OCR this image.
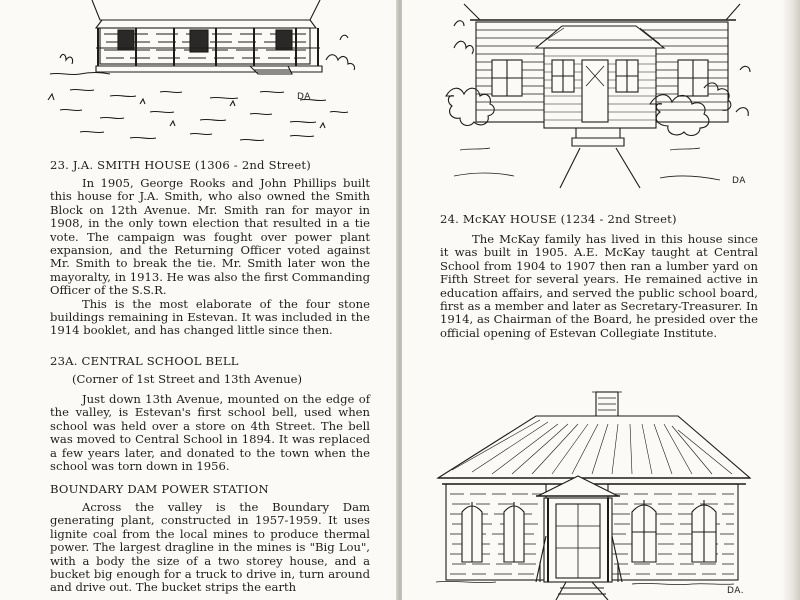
DA
23. J.A. SMITH HOUSE (1306 - 2nd Street)

In 1905, George Rooks and John Phillips built this house for J.A. Smith, who also owned the Smith Block on 12th Avenue. Mr. Smith ran for mayor in 1908, in the only town election that resulted in a tie vote. The campaign was fought over power plant expansion, and the Returning Officer voted against Mr. Smith to break the tie. Mr. Smith later won the mayoralty, in 1913. He was also the first Commanding Officer of the S.S.R.

This is the most elaborate of the four stone buildings remaining in Estevan. It was included in the 1914 booklet, and has changed little since then.

23A. CENTRAL SCHOOL BELL
(Corner of 1st Street and 13th Avenue)

Just down 13th Avenue, mounted on the edge of the valley, is Estevan's first school bell, used when school was held over a store on 4th Street. The bell was moved to Central School in 1894. It was replaced a few years later, and donated to the town when the school was torn down in 1956.

BOUNDARY DAM POWER STATION

Across the valley is the Boundary Dam generating plant, constructed in 1957-1959. It uses lignite coal from the local mines to produce thermal power. The largest dragline in the mines is "Big Lou", with a body the size of a two storey house, and a bucket big enough for a truck to drive in, turn around and drive out. The bucket strips the earth

DA
24. McKAY HOUSE (1234 - 2nd Street)

The McKay family has lived in this house since it was built in 1905. A.E. McKay taught at Central School from 1904 to 1907 then ran a lumber yard on Fifth Street for several years. He remained active in education affairs, and served the public school board, first as a member and later as Secretary-Treasurer. In 1914, as Chairman of the Board, he presided over the official opening of Estevan Collegiate Institute.

DA.
